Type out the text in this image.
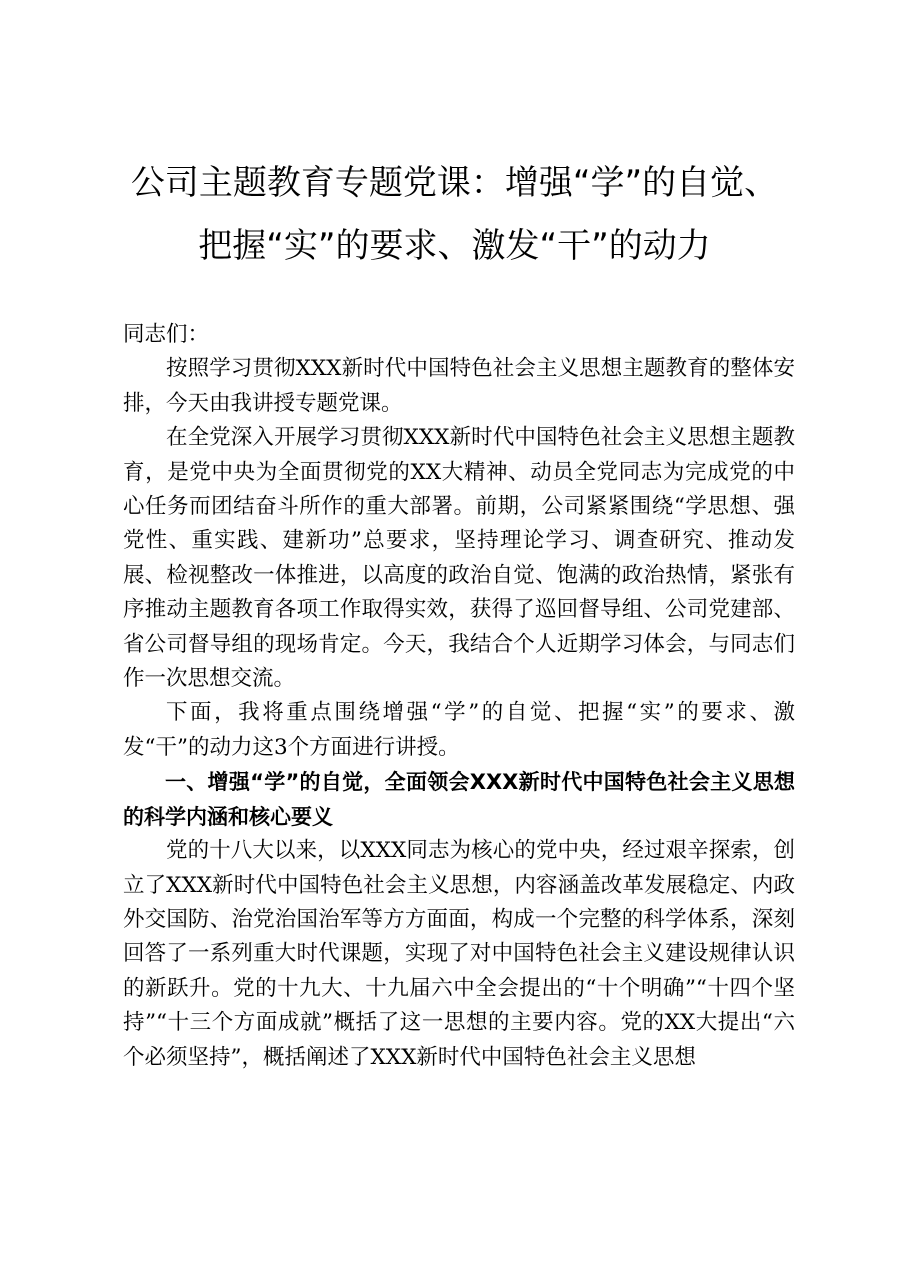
公司主题教育专题党课：增强“学”的自觉、
把握“实”的要求、激发“干”的动力

同志们：

按照学习贯彻XXX新时代中国特色社会主义思想主题教育的整体安排，今天由我讲授专题党课。

在全党深入开展学习贯彻XXX新时代中国特色社会主义思想主题教育，是党中央为全面贯彻党的XX大精神、动员全党同志为完成党的中心任务而团结奋斗所作的重大部署。前期，公司紧紧围绕“学思想、强党性、重实践、建新功”总要求，坚持理论学习、调查研究、推动发展、检视整改一体推进，以高度的政治自觉、饱满的政治热情，紧张有序推动主题教育各项工作取得实效，获得了巡回督导组、公司党建部、省公司督导组的现场肯定。今天，我结合个人近期学习体会，与同志们作一次思想交流。

下面，我将重点围绕增强“学”的自觉、把握“实”的要求、激发“干”的动力这3个方面进行讲授。

一、增强“学”的自觉，全面领会XXX新时代中国特色社会主义思想的科学内涵和核心要义

党的十八大以来，以XXX同志为核心的党中央，经过艰辛探索，创立了XXX新时代中国特色社会主义思想，内容涵盖改革发展稳定、内政外交国防、治党治国治军等方方面面，构成一个完整的科学体系，深刻回答了一系列重大时代课题，实现了对中国特色社会主义建设规律认识的新跃升。党的十九大、十九届六中全会提出的“十个明确”“十四个坚持”“十三个方面成就”概括了这一思想的主要内容。党的XX大提出“六个必须坚持”，概括阐述了XXX新时代中国特色社会主义思想
